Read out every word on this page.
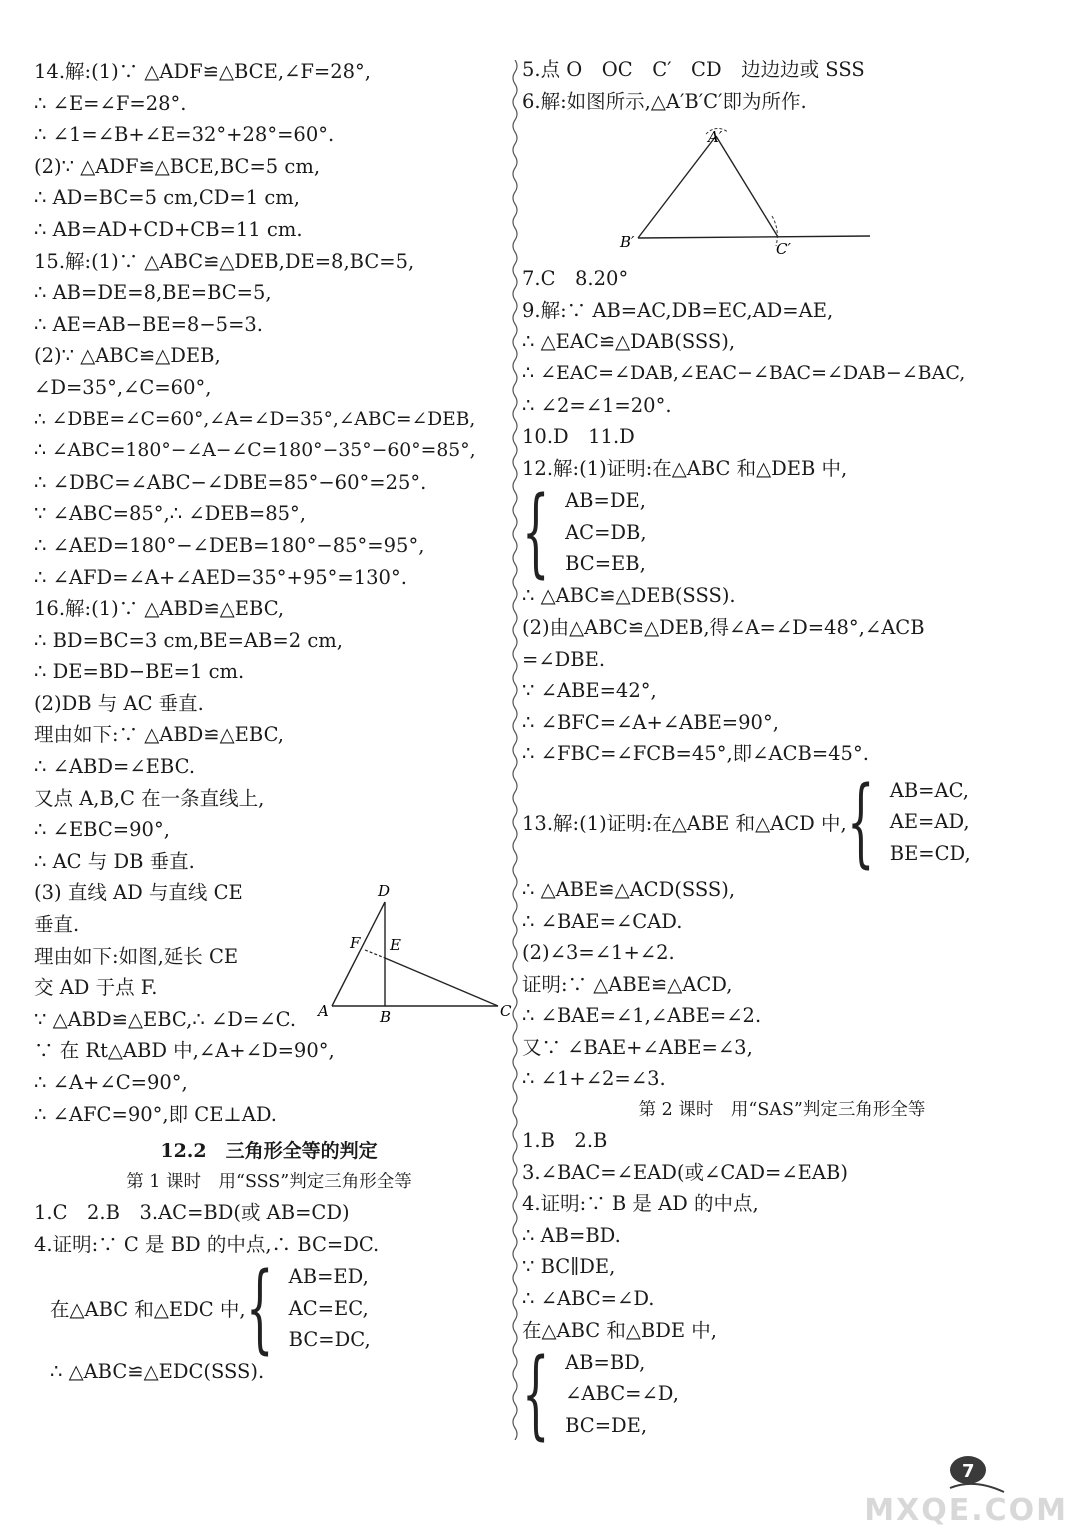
14.解:(1)∵ △ADF≌△BCE,∠F=28°,
∴ ∠E=∠F=28°.
∴ ∠1=∠B+∠E=32°+28°=60°.
(2)∵ △ADF≌△BCE,BC=5 cm,
∴ AD=BC=5 cm,CD=1 cm,
∴ AB=AD+CD+CB=11 cm.
15.解:(1)∵ △ABC≌△DEB,DE=8,BC=5,
∴ AB=DE=8,BE=BC=5,
∴ AE=AB−BE=8−5=3.
(2)∵ △ABC≌△DEB,
∠D=35°,∠C=60°,
∴ ∠DBE=∠C=60°,∠A=∠D=35°,∠ABC=∠DEB,
∴ ∠ABC=180°−∠A−∠C=180°−35°−60°=85°,
∴ ∠DBC=∠ABC−∠DBE=85°−60°=25°.
∵ ∠ABC=85°,∴ ∠DEB=85°,
∴ ∠AED=180°−∠DEB=180°−85°=95°,
∴ ∠AFD=∠A+∠AED=35°+95°=130°.
16.解:(1)∵ △ABD≌△EBC,
∴ BD=BC=3 cm,BE=AB=2 cm,
∴ DE=BD−BE=1 cm.
(2)DB 与 AC 垂直.
理由如下:∵ △ABD≌△EBC,
∴ ∠ABD=∠EBC.
又点 A,B,C 在一条直线上,
∴ ∠EBC=90°,
∴ AC 与 DB 垂直.
(3) 直线 AD 与直线 CE
垂直.
理由如下:如图,延长 CE
交 AD 于点 F.
∵ △ABD≌△EBC,∴ ∠D=∠C.
∵ 在 Rt△ABD 中,∠A+∠D=90°,
∴ ∠A+∠C=90°,
∴ ∠AFC=90°,即 CE⊥AD.
12.2　三角形全等的判定
第 1 课时　用“SSS”判定三角形全等
1.C　2.B　3.AC=BD(或 AB=CD)
4.证明:∵ C 是 BD 的中点,∴ BC=DC.
在△ABC 和△EDC 中, { AB=ED,
AC=EC,
BC=DC,
∴ △ABC≌△EDC(SSS).
5.点 O　OC　C′　CD　边边边或 SSS
6.解:如图所示,△A′B′C′即为所作.
7.C　8.20°
9.解:∵ AB=AC,DB=EC,AD=AE,
∴ △EAC≌△DAB(SSS),
∴ ∠EAC=∠DAB,∠EAC−∠BAC=∠DAB−∠BAC,
∴ ∠2=∠1=20°.
10.D　11.D
12.解:(1)证明:在△ABC 和△DEB 中,
{ AB=DE,
AC=DB,
BC=EB,
∴ △ABC≌△DEB(SSS).
(2)由△ABC≌△DEB,得∠A=∠D=48°,∠ACB
=∠DBE.
∵ ∠ABE=42°,
∴ ∠BFC=∠A+∠ABE=90°,
∴ ∠FBC=∠FCB=45°,即∠ACB=45°.
13.解:(1)证明:在△ABE 和△ACD 中, { AB=AC,
AE=AD,
BE=CD,
∴ △ABE≌△ACD(SSS),
∴ ∠BAE=∠CAD.
(2)∠3=∠1+∠2.
证明:∵ △ABE≌△ACD,
∴ ∠BAE=∠1,∠ABE=∠2.
又∵ ∠BAE+∠ABE=∠3,
∴ ∠1+∠2=∠3.
第 2 课时　用“SAS”判定三角形全等
1.B　2.B
3.∠BAC=∠EAD(或∠CAD=∠EAB)
4.证明:∵ B 是 AD 的中点,
∴ AB=BD.
∵ BC∥DE,
∴ ∠ABC=∠D.
在△ABC 和△BDE 中,
{ AB=BD,
∠ABC=∠D,
BC=DE,
A′
B′	C′
D
F E
A	B	C
7
MXQE.COM
